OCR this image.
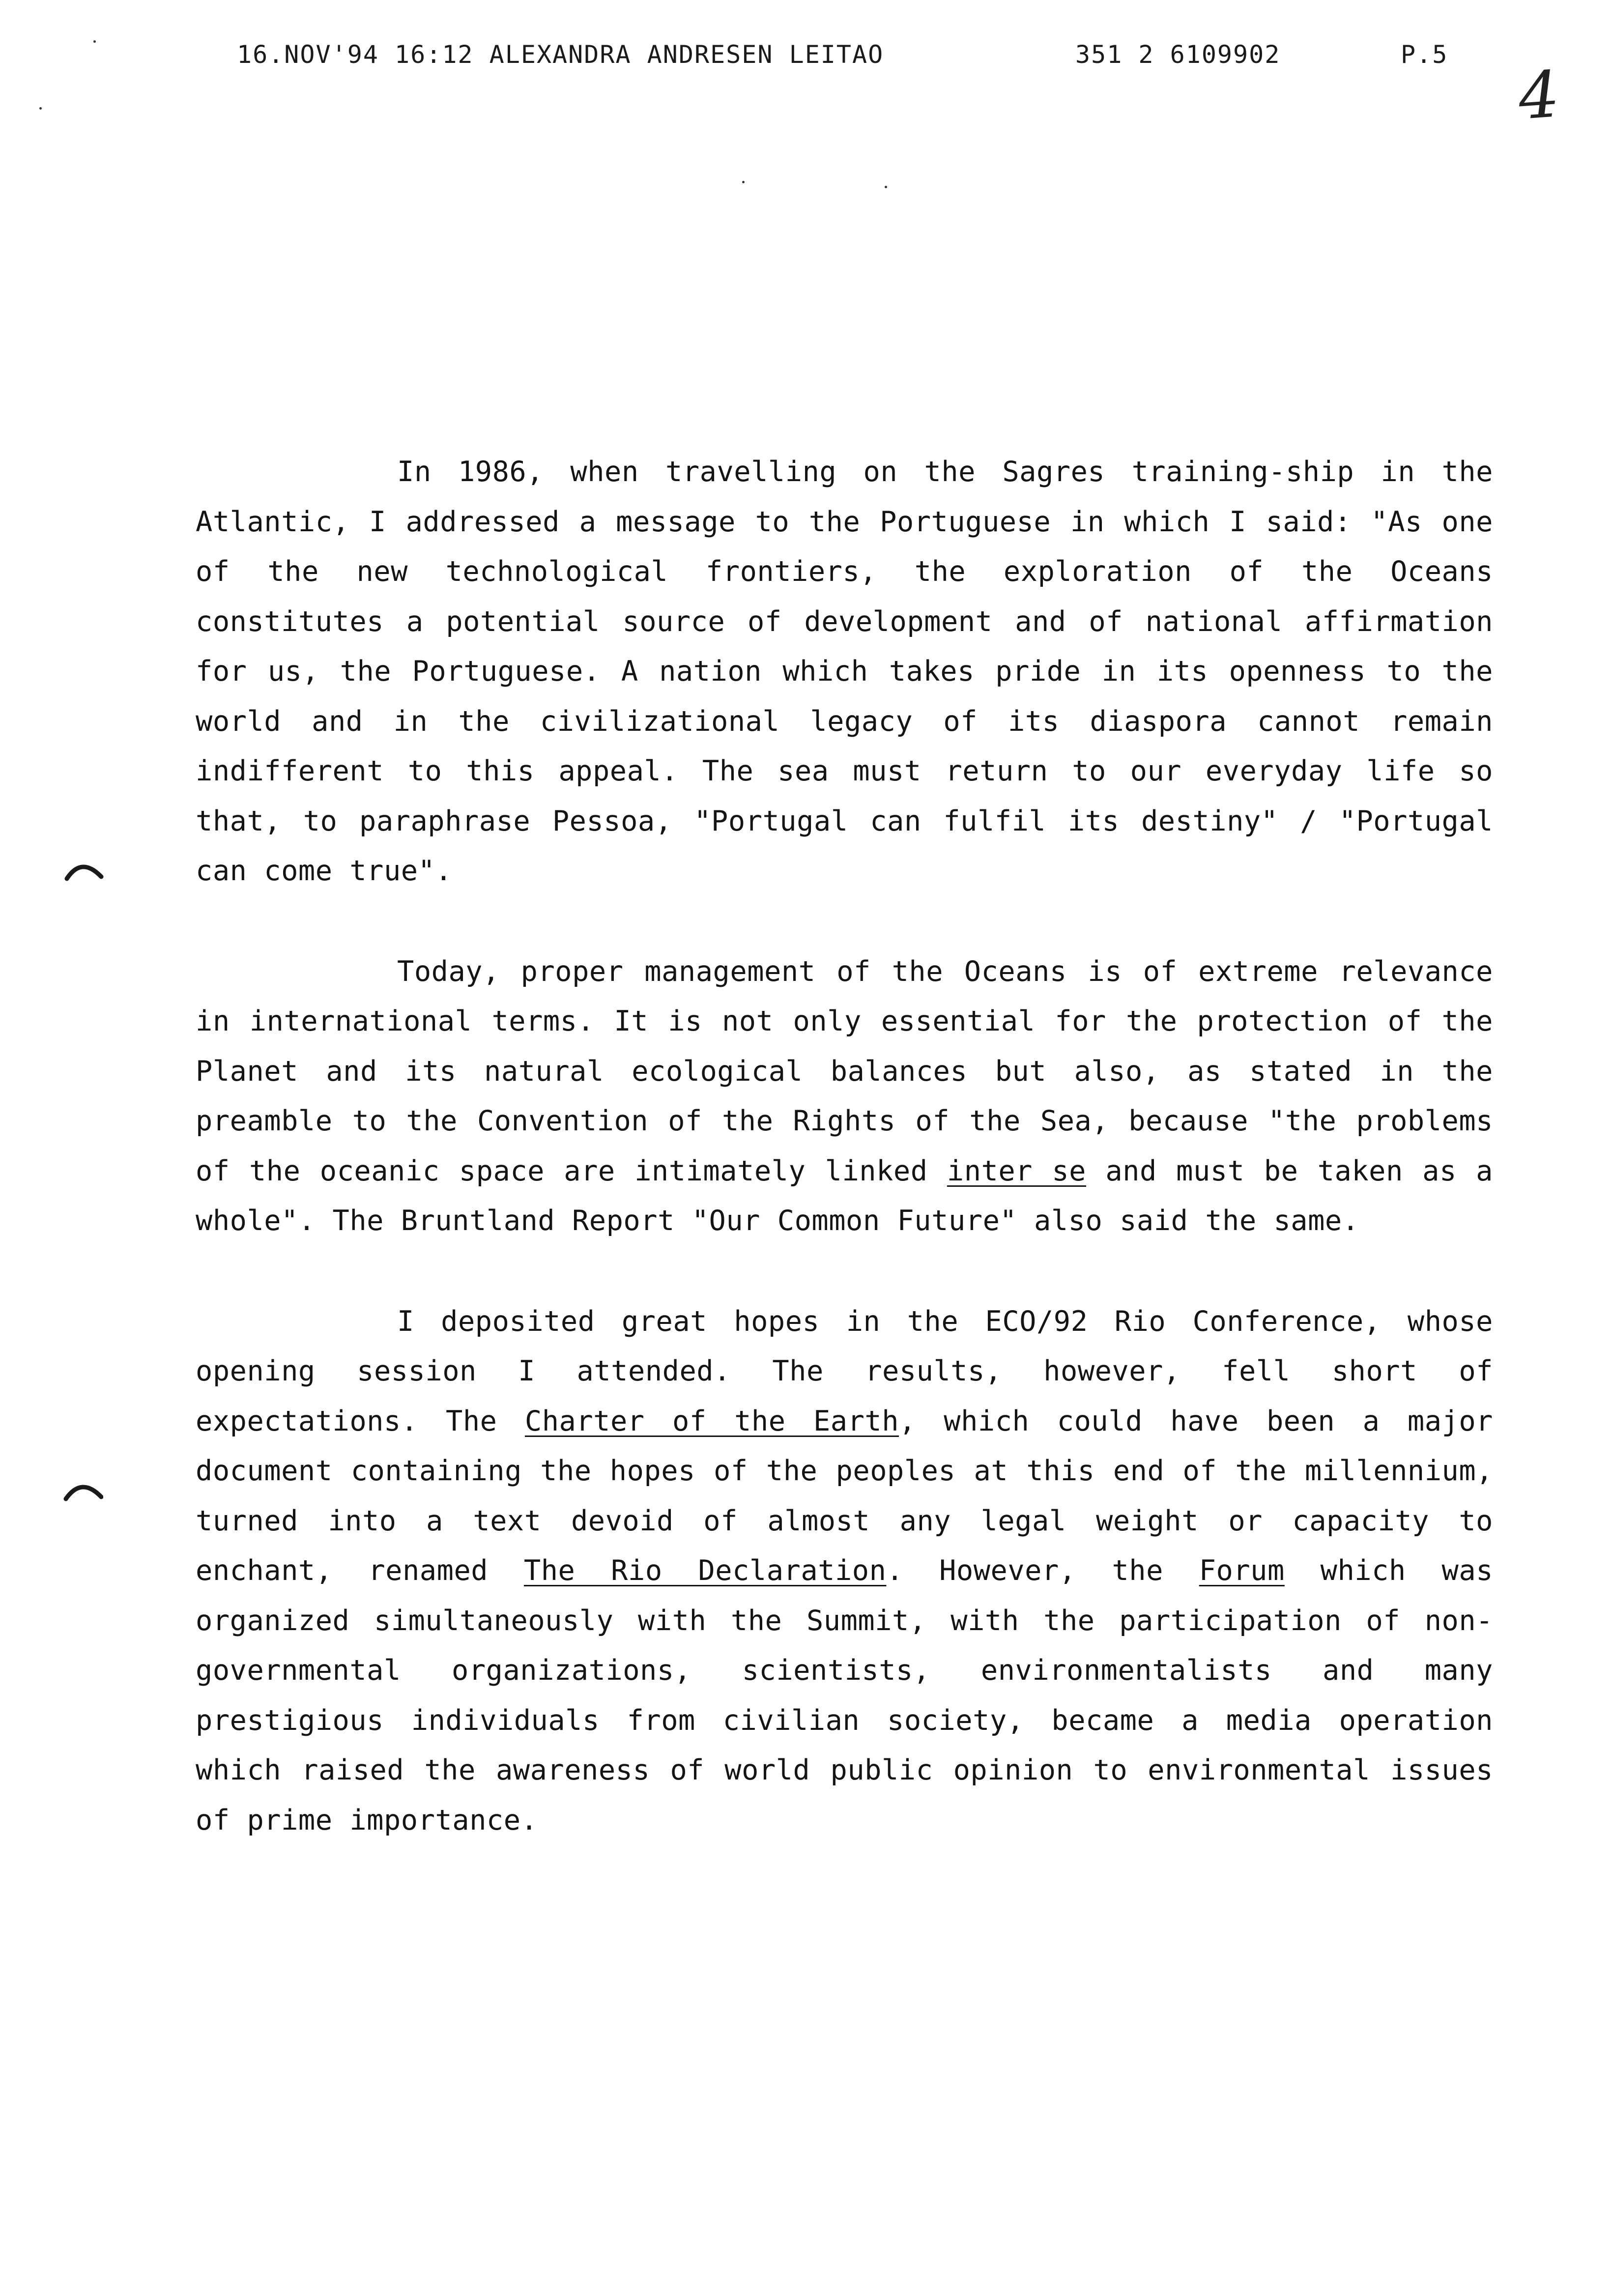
16.NOV'94 16:12 ALEXANDRA ANDRESEN LEITAO	351 2 6109902	P.5
4

In 1986, when travelling on the Sagres training-ship in the Atlantic, I addressed a message to the Portuguese in which I said: "As one of the new technological frontiers, the exploration of the Oceans constitutes a potential source of development and of national affirmation for us, the Portuguese. A nation which takes pride in its openness to the world and in the civilizational legacy of its diaspora cannot remain indifferent to this appeal. The sea must return to our everyday life so that, to paraphrase Pessoa, "Portugal can fulfil its destiny" / "Portugal can come true".

Today, proper management of the Oceans is of extreme relevance in international terms. It is not only essential for the protection of the Planet and its natural ecological balances but also, as stated in the preamble to the Convention of the Rights of the Sea, because "the problems of the oceanic space are intimately linked inter se and must be taken as a whole". The Bruntland Report "Our Common Future" also said the same.

I deposited great hopes in the ECO/92 Rio Conference, whose opening session I attended. The results, however, fell short of expectations. The Charter of the Earth, which could have been a major document containing the hopes of the peoples at this end of the millennium, turned into a text devoid of almost any legal weight or capacity to enchant, renamed The Rio Declaration. However, the Forum which was organized simultaneously with the Summit, with the participation of non-governmental organizations, scientists, environmentalists and many prestigious individuals from civilian society, became a media operation which raised the awareness of world public opinion to environmental issues of prime importance.
